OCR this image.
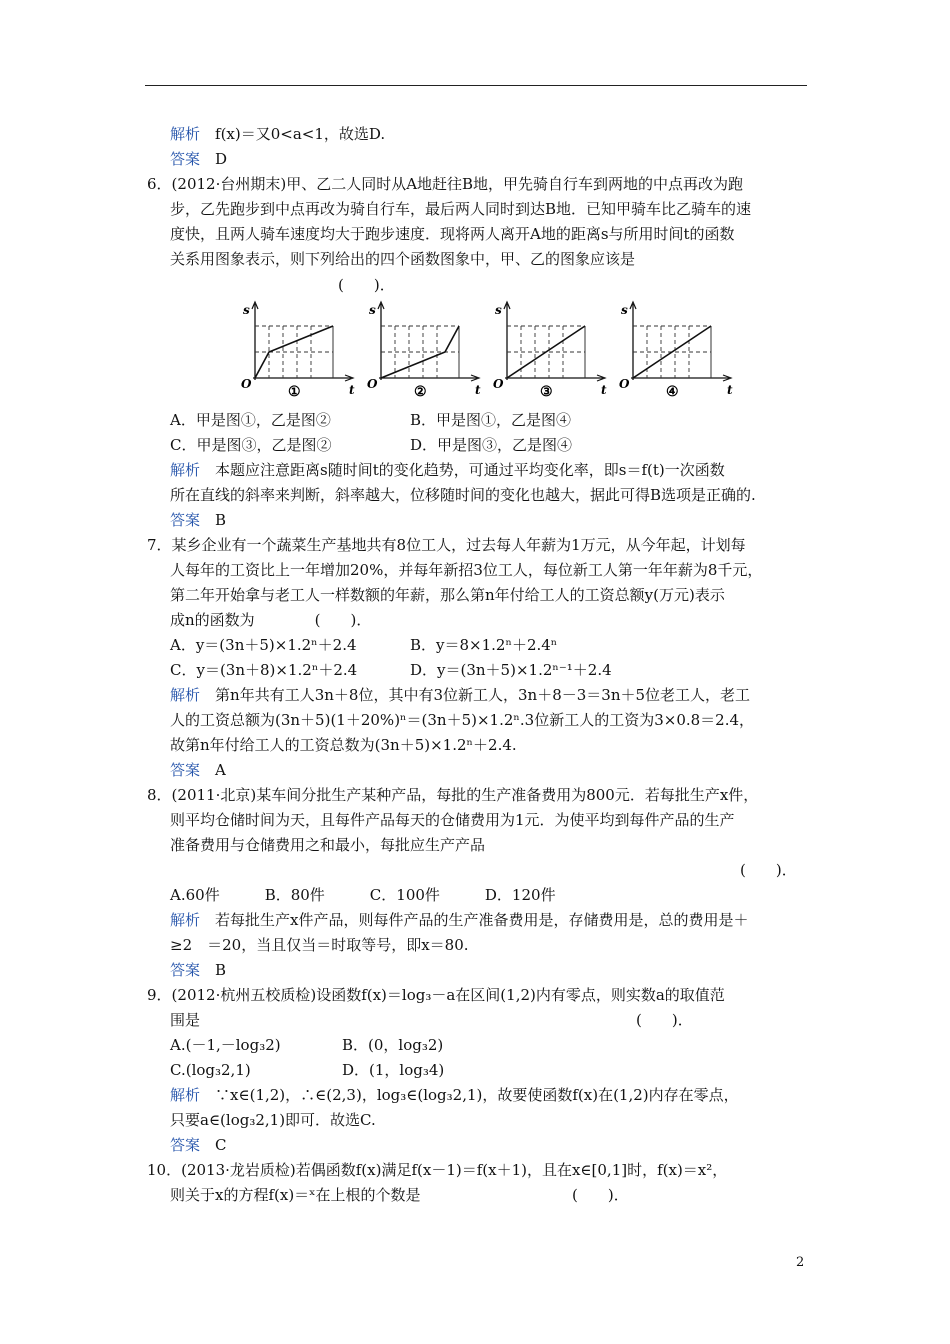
解析　 f(x)＝又0<a<1，故选D.
答案　 D
6．(2012·台州期末)甲、乙二人同时从A地赶往B地，甲先骑自行车到两地的中点再改为跑
步，乙先跑步到中点再改为骑自行车，最后两人同时到达B地．已知甲骑车比乙骑车的速
度快，且两人骑车速度均大于跑步速度．现将两人离开A地的距离s与所用时间t的函数
关系用图象表示，则下列给出的四个函数图象中，甲、乙的图象应该是
(　　)．
s
t
O	①
s
t
O	②
s
t
O	③
s
t
O	④
A．甲是图①，乙是图②	B．甲是图①，乙是图④
C．甲是图③，乙是图②	D．甲是图③，乙是图④
解析　 本题应注意距离s随时间t的变化趋势，可通过平均变化率，即s＝f(t)一次函数
所在直线的斜率来判断，斜率越大，位移随时间的变化也越大，据此可得B选项是正确的.
答案　 B
7．某乡企业有一个蔬菜生产基地共有8位工人，过去每人年薪为1万元，从今年起，计划每
人每年的工资比上一年增加20%，并每年新招3位工人，每位新工人第一年年薪为8千元，
第二年开始拿与老工人一样数额的年薪，那么第n年付给工人的工资总额y(万元)表示
成n的函数为　　　　(　　)．
A．y＝(3n＋5)×1.2ⁿ＋2.4	B．y＝8×1.2ⁿ＋2.4ⁿ
C．y＝(3n＋8)×1.2ⁿ＋2.4	D．y＝(3n＋5)×1.2ⁿ⁻¹＋2.4
解析　 第n年共有工人3n＋8位，其中有3位新工人，3n＋8－3＝3n＋5位老工人，老工
人的工资总额为(3n＋5)(1＋20%)ⁿ＝(3n＋5)×1.2ⁿ.3位新工人的工资为3×0.8＝2.4，
故第n年付给工人的工资总数为(3n＋5)×1.2ⁿ＋2.4.
答案　 A
8．(2011·北京)某车间分批生产某种产品，每批的生产准备费用为800元．若每批生产x件，
则平均仓储时间为天，且每件产品每天的仓储费用为1元．为使平均到每件产品的生产
准备费用与仓储费用之和最小，每批应生产产品
(　　)．
A.60件　　　B．80件　　　C．100件　　　D．120件
解析　 若每批生产x件产品，则每件产品的生产准备费用是，存储费用是，总的费用是＋
≥2　＝20，当且仅当＝时取等号，即x＝80.
答案　 B
9．(2012·杭州五校质检)设函数f(x)＝log₃－a在区间(1,2)内有零点，则实数a的取值范
围是	(　　)．
A.(－1,－log₃2)	B．(0，log₃2)
C.(log₃2,1)	D．(1，log₃4)
解析　 ∵x∈(1,2)，∴∈(2,3)，log₃∈(log₃2,1)，故要使函数f(x)在(1,2)内存在零点，
只要a∈(log₃2,1)即可．故选C.
答案　 C
10．(2013·龙岩质检)若偶函数f(x)满足f(x－1)＝f(x＋1)，且在x∈[0,1]时，f(x)＝x²，
则关于x的方程f(x)＝ˣ在上根的个数是	(　　)．
2
